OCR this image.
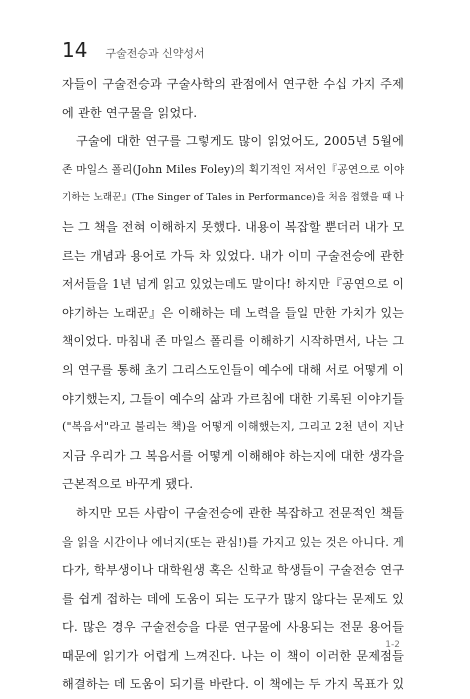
14 구술전승과 신약성서
자들이 구술전승과 구술사학의 관점에서 연구한 수십 가지 주제
에 관한 연구물을 읽었다.
구술에 대한 연구를 그렇게도 많이 읽었어도, 2005년 5월에
존 마일스 폴리(John Miles Foley)의 획기적인 저서인『공연으로 이야
기하는 노래꾼』(The Singer of Tales in Performance)을 처음 접했을 때 나
는 그 책을 전혀 이해하지 못했다. 내용이 복잡할 뿐더러 내가 모
르는 개념과 용어로 가득 차 있었다. 내가 이미 구술전승에 관한
저서들을 1년 넘게 읽고 있었는데도 말이다! 하지만『공연으로 이
야기하는 노래꾼』은 이해하는 데 노력을 들일 만한 가치가 있는
책이었다. 마침내 존 마일스 폴리를 이해하기 시작하면서, 나는 그
의 연구를 통해 초기 그리스도인들이 예수에 대해 서로 어떻게 이
야기했는지, 그들이 예수의 삶과 가르침에 대한 기록된 이야기들
("복음서"라고 불리는 책)을 어떻게 이해했는지, 그리고 2천 년이 지난
지금 우리가 그 복음서를 어떻게 이해해야 하는지에 대한 생각을
근본적으로 바꾸게 됐다.
하지만 모든 사람이 구술전승에 관한 복잡하고 전문적인 책들
을 읽을 시간이나 에너지(또는 관심!)를 가지고 있는 것은 아니다. 게
다가, 학부생이나 대학원생 혹은 신학교 학생들이 구술전승 연구
를 쉽게 접하는 데에 도움이 되는 도구가 많지 않다는 문제도 있
다. 많은 경우 구술전승을 다룬 연구물에 사용되는 전문 용어들
때문에 읽기가 어렵게 느껴진다. 나는 이 책이 이러한 문제점들
해결하는 데 도움이 되기를 바란다. 이 책에는 두 가지 목표가 있
1-2
